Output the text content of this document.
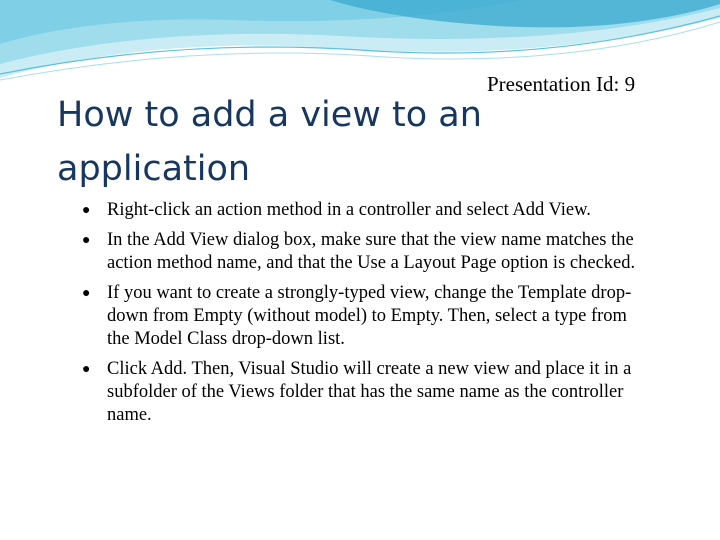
Presentation Id: 9
How to add a view to an application
● Right-click an action method in a controller and select Add View.
● In the Add View dialog box, make sure that the view name matches the action method name, and that the Use a Layout Page option is checked.
● If you want to create a strongly-typed view, change the Template drop-down from Empty (without model) to Empty. Then, select a type from the Model Class drop-down list.
● Click Add. Then, Visual Studio will create a new view and place it in a subfolder of the Views folder that has the same name as the controller name.
